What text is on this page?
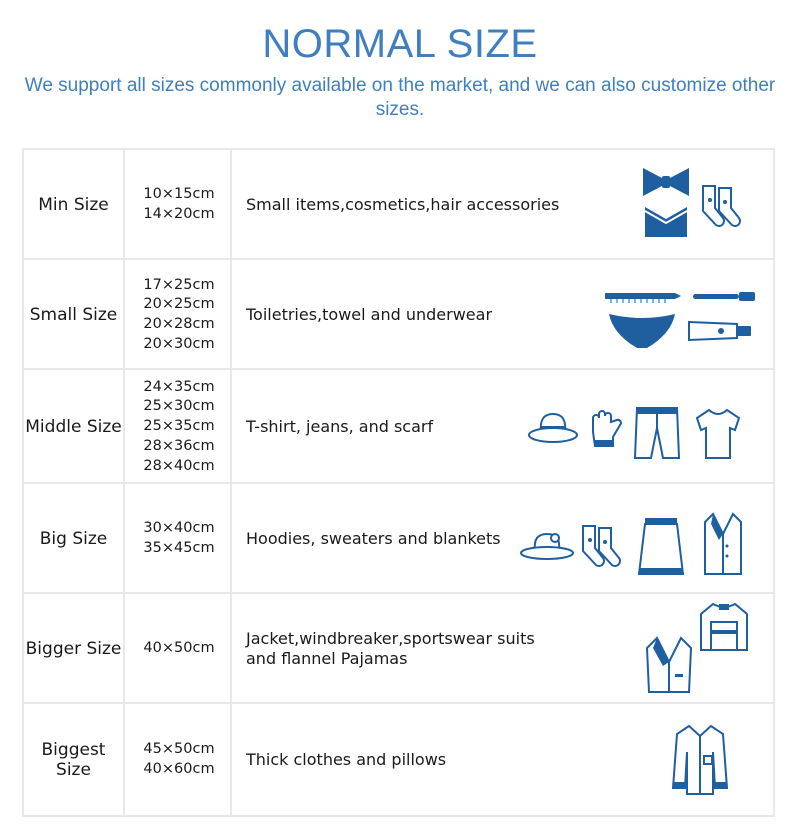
NORMAL SIZE
We support all sizes commonly available on the market, and we can also customize other sizes.
Min Size
10×15cm
14×20cm Small items,cosmetics,hair accessories
Small Size
17×25cm
20×25cm
20×28cm
20×30cm
Toiletries,towel and underwear
Middle Size
24×35cm
25×30cm
25×35cm
28×36cm
28×40cm
T-shirt, jeans, and scarf
Big Size
30×40cm
35×45cm Hoodies, sweaters and blankets
Bigger Size 40×50cm
Jacket,windbreaker,sportswear suits and flannel Pajamas
Biggest Size
45×50cm
40×60cm Thick clothes and pillows
